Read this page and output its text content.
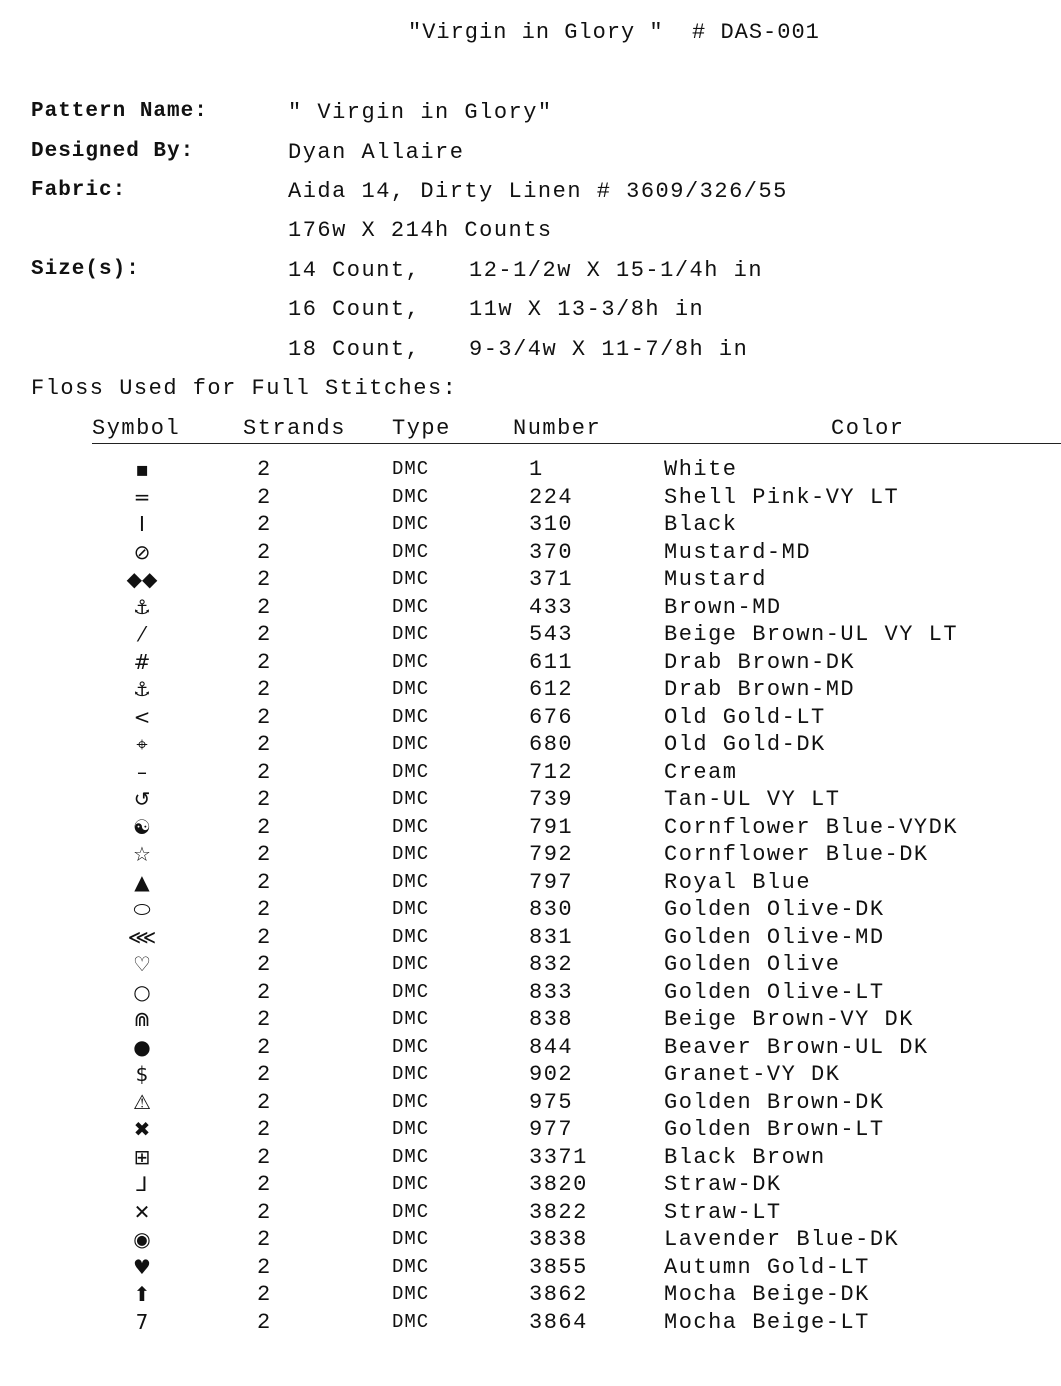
"Virgin in Glory "  # DAS-001
Pattern Name:	" Virgin in Glory"
Designed By:	Dyan Allaire
Fabric:	Aida 14, Dirty Linen # 3609/326/55
176w X 214h Counts
Size(s):	14 Count, 12-1/2w X 15-1/4h in
16 Count, 11w X 13-3/8h in
18 Count, 9-3/4w X 11-7/8h in
Floss Used for Full Stitches:
Symbol	Strands Type	Number	Color
▪	2	DMC	1	White
=	2	DMC	224	Shell Pink-VY LT
I	2	DMC	310	Black
⊘	2	DMC	370	Mustard-MD
◆◆	2	DMC	371	Mustard
⚓	2	DMC	433	Brown-MD
⁄	2	DMC	543	Beige Brown-UL VY LT
#	2	DMC	611	Drab Brown-DK
⚓	2	DMC	612	Drab Brown-MD
<	2	DMC	676	Old Gold-LT
⌖	2	DMC	680	Old Gold-DK
–	2	DMC	712	Cream
↺	2	DMC	739	Tan-UL VY LT
☯	2	DMC	791	Cornflower Blue-VYDK
☆	2	DMC	792	Cornflower Blue-DK
▲	2	DMC	797	Royal Blue
⬭	2	DMC	830	Golden Olive-DK
⋘	2	DMC	831	Golden Olive-MD
♡	2	DMC	832	Golden Olive
○	2	DMC	833	Golden Olive-LT
⋒	2	DMC	838	Beige Brown-VY DK
●	2	DMC	844	Beaver Brown-UL DK
$	2	DMC	902	Granet-VY DK
⚠	2	DMC	975	Golden Brown-DK
✖	2	DMC	977	Golden Brown-LT
⊞	2	DMC	3371	Black Brown
⅃	2	DMC	3820	Straw-DK
✕	2	DMC	3822	Straw-LT
◉	2	DMC	3838	Lavender Blue-DK
♥	2	DMC	3855	Autumn Gold-LT
⬆	2	DMC	3862	Mocha Beige-DK
7	2	DMC	3864	Mocha Beige-LT
